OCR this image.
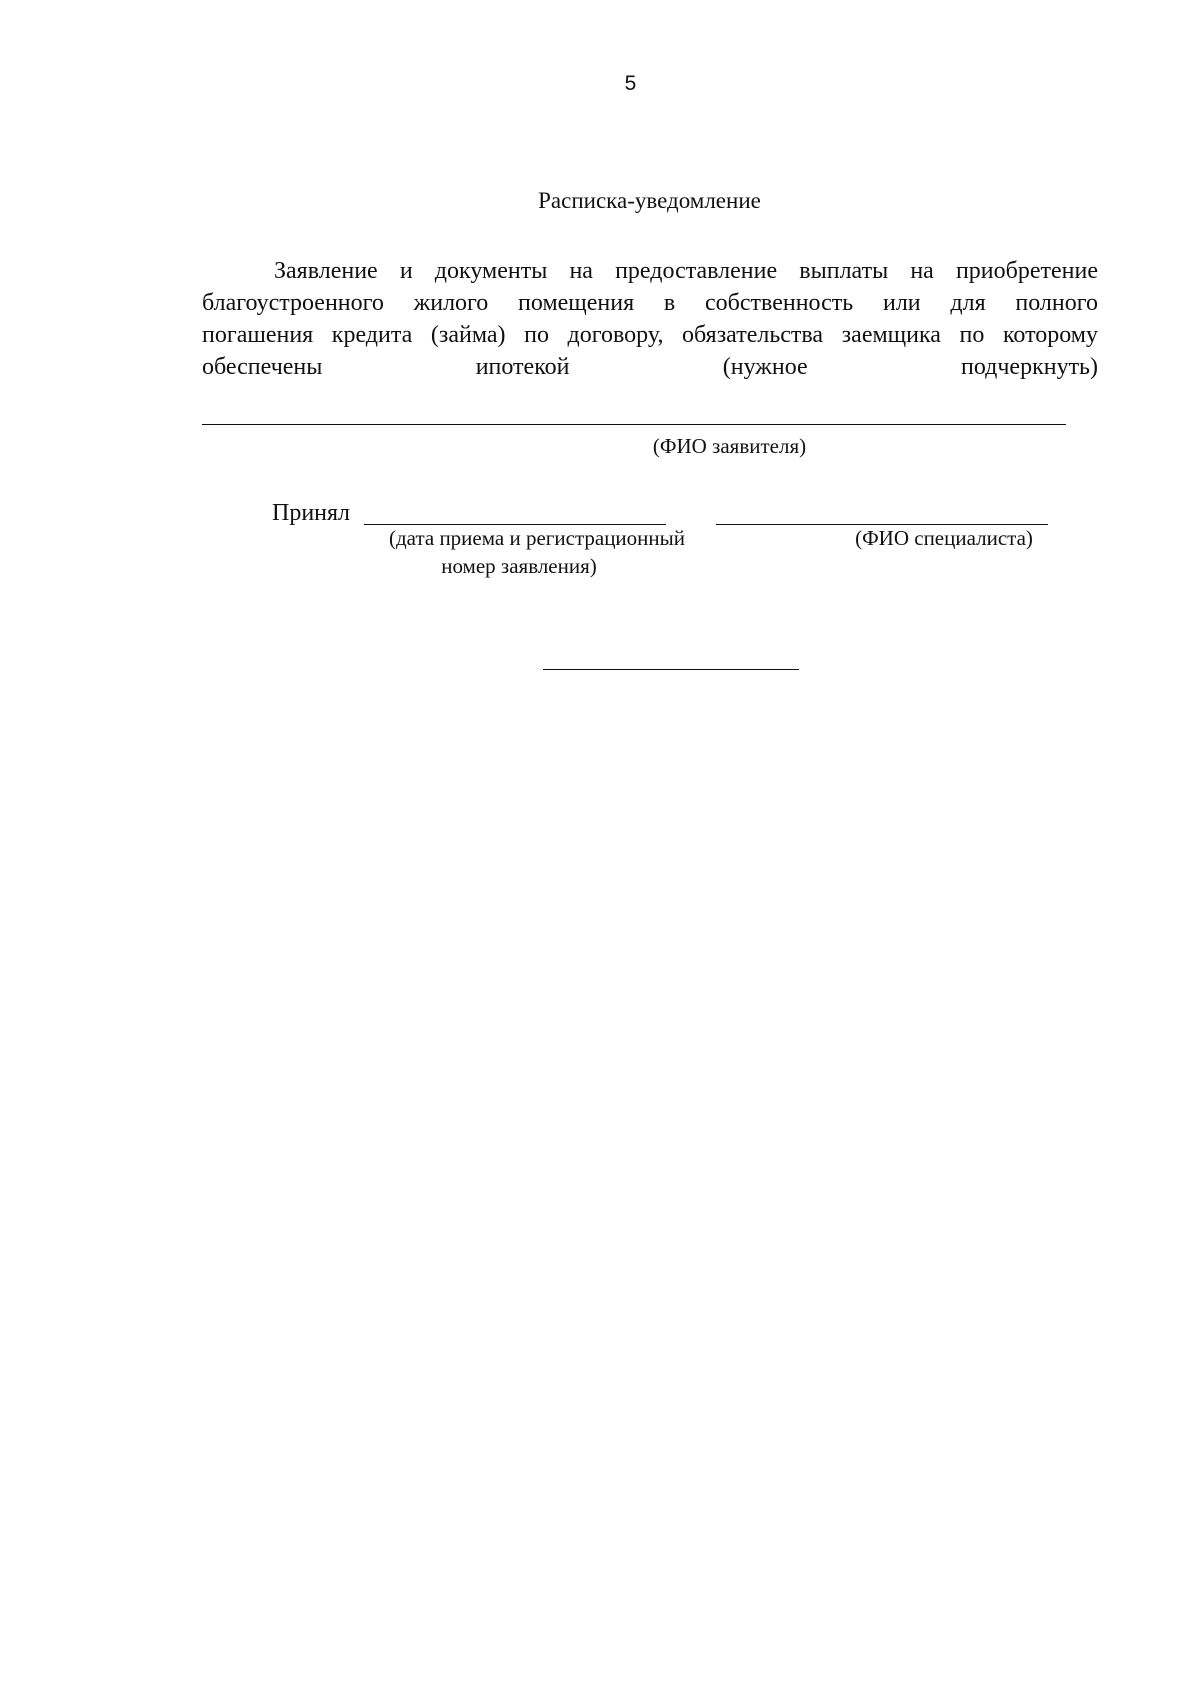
5
Расписка-уведомление

Заявление и документы на предоставление выплаты на приобретение
благоустроенного жилого помещения в собственность или для полного
погашения кредита (займа) по договору, обязательства заемщика по которому
обеспечены ипотекой (нужное подчеркнуть)

(ФИО заявителя)
Принял
(дата приема и регистрационный
номер заявления)
(ФИО специалиста)
